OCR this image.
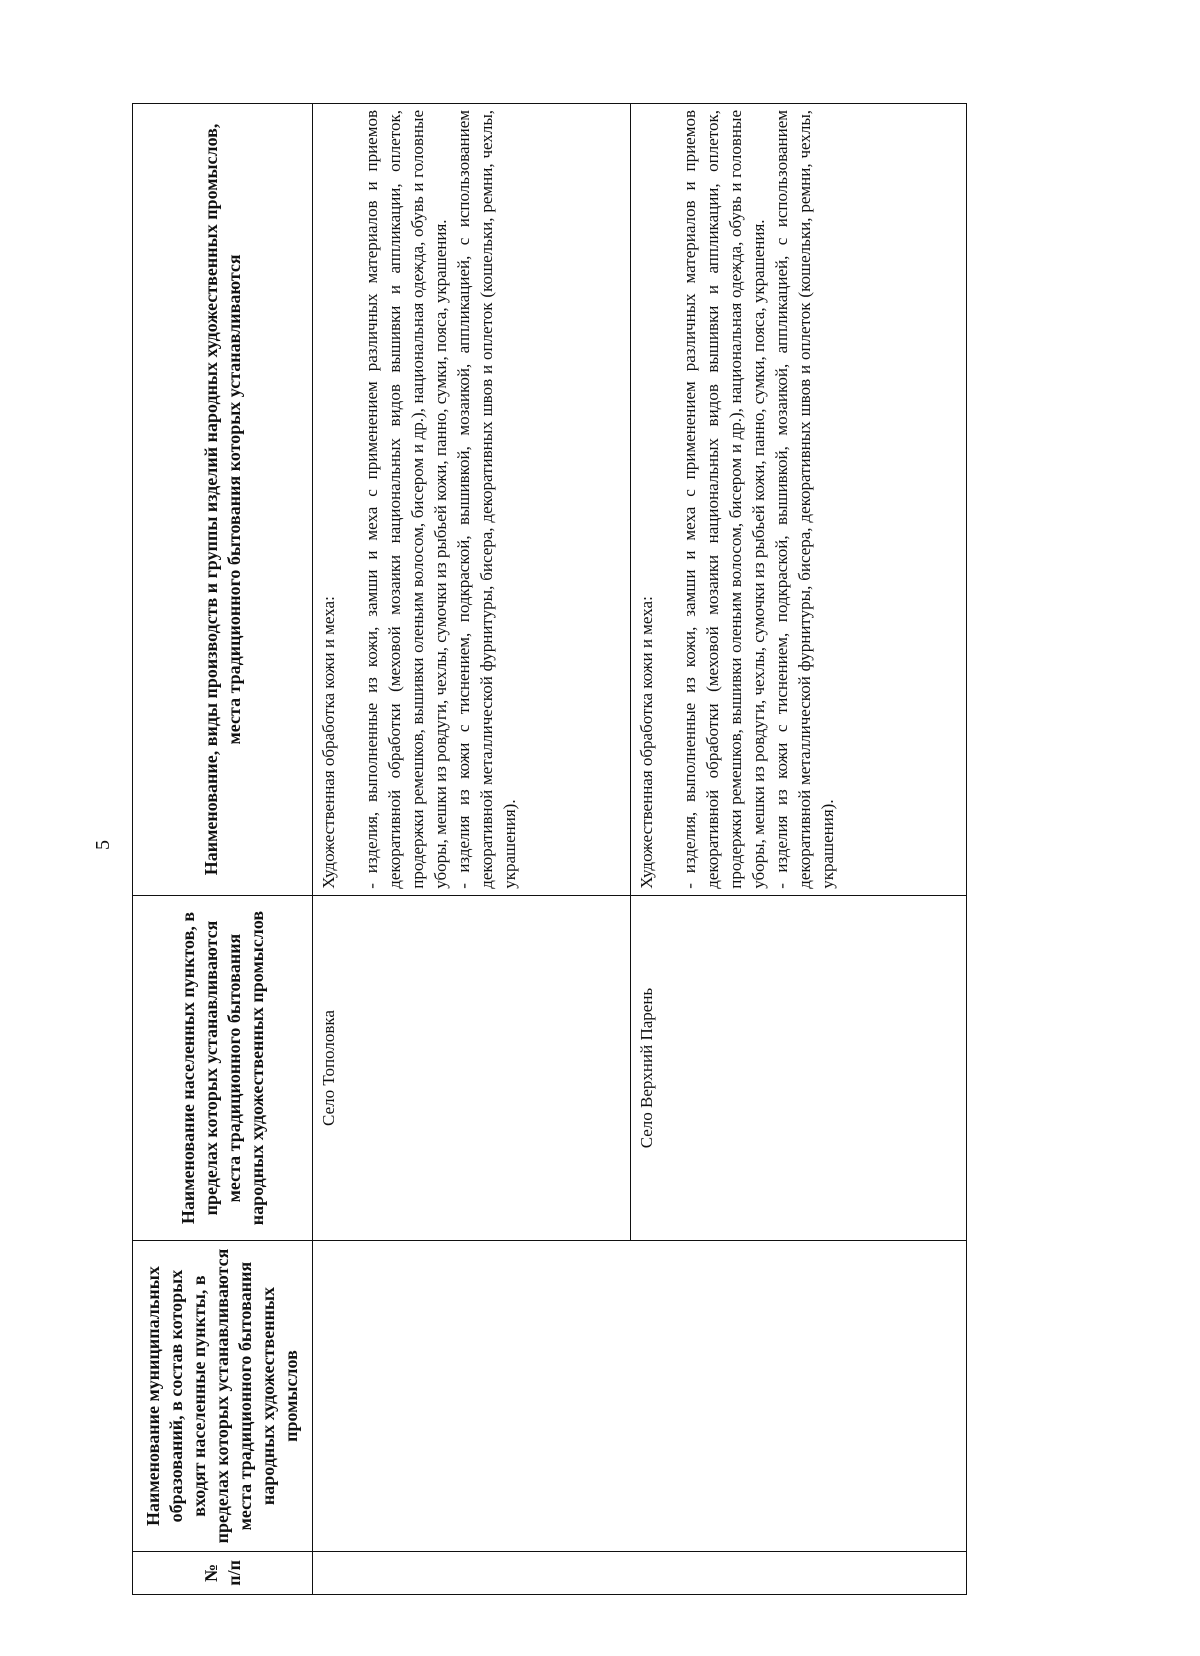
5
№ п/п	Наименование муниципальных образований, в состав которых входят населенные пункты, в пределах которых устанавливаются места традиционного бытования народных художественных промыслов	Наименование населенных пунктов, в пределах которых устанавливаются места традиционного бытования народных художественных промыслов	Наименование, виды производств и группы изделий народных художественных промыслов, места традиционного бытования которых устанавливаются
		Село Тополовка	Художественная обработка кожи и меха: - изделия, выполненные из кожи, замши и меха с применением различных материалов и приемов декоративной обработки (меховой мозаики национальных видов вышивки и аппликации, оплеток, продержки ремешков, вышивки оленьим волосом, бисером и др.), национальная одежда, обувь и головные уборы, мешки из ровдуги, чехлы, сумочки из рыбьей кожи, панно, сумки, пояса, украшения. - изделия из кожи с тиснением, подкраской, вышивкой, мозаикой, аппликацией, с использованием декоративной металлической фурнитуры, бисера, декоративных швов и оплеток (кошельки, ремни, чехлы, украшения).

		Село Верхний Парень	Художественная обработка кожи и меха: - изделия, выполненные из кожи, замши и меха с применением различных материалов и приемов декоративной обработки (меховой мозаики национальных видов вышивки и аппликации, оплеток, продержки ремешков, вышивки оленьим волосом, бисером и др.), национальная одежда, обувь и головные уборы, мешки из ровдуги, чехлы, сумочки из рыбьей кожи, панно, сумки, пояса, украшения. - изделия из кожи с тиснением, подкраской, вышивкой, мозаикой, аппликацией, с использованием декоративной металлической фурнитуры, бисера, декоративных швов и оплеток (кошельки, ремни, чехлы, украшения).
